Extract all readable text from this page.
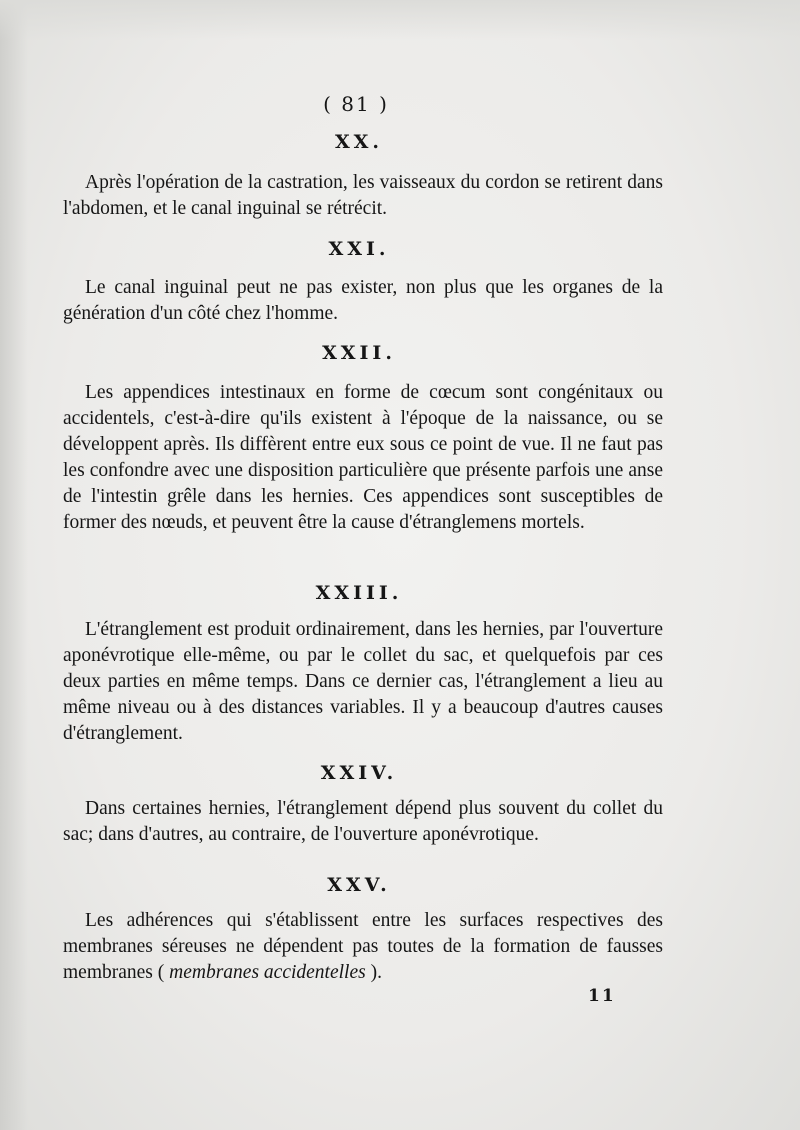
( 81 )
XX.
Après l'opération de la castration, les vaisseaux du cordon se retirent dans l'abdomen, et le canal inguinal se rétrécit.
XXI.
Le canal inguinal peut ne pas exister, non plus que les organes de la génération d'un côté chez l'homme.
XXII.
Les appendices intestinaux en forme de cœcum sont congénitaux ou accidentels, c'est-à-dire qu'ils existent à l'époque de la naissance, ou se développent après. Ils diffèrent entre eux sous ce point de vue. Il ne faut pas les confondre avec une disposition particulière que présente parfois une anse de l'intestin grêle dans les hernies. Ces appendices sont susceptibles de former des nœuds, et peuvent être la cause d'étranglemens mortels.
XXIII.
L'étranglement est produit ordinairement, dans les hernies, par l'ouverture aponévrotique elle-même, ou par le collet du sac, et quelquefois par ces deux parties en même temps. Dans ce dernier cas, l'étranglement a lieu au même niveau ou à des distances variables. Il y a beaucoup d'autres causes d'étranglement.
XXIV.
Dans certaines hernies, l'étranglement dépend plus souvent du collet du sac; dans d'autres, au contraire, de l'ouverture aponévrotique.
XXV.
Les adhérences qui s'établissent entre les surfaces respectives des membranes séreuses ne dépendent pas toutes de la formation de fausses membranes ( membranes accidentelles ).
11
